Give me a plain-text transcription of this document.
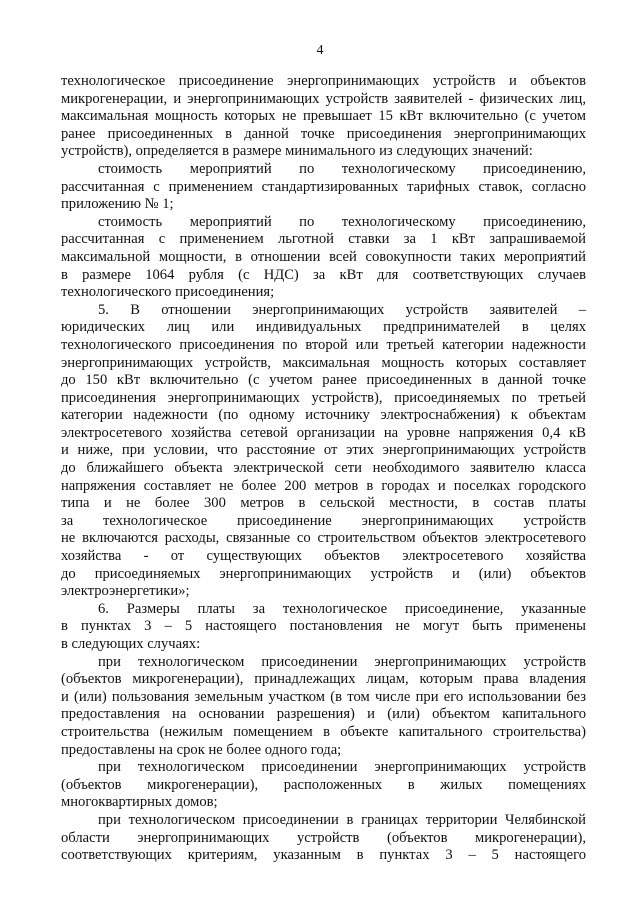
4

технологическое присоединение энергопринимающих устройств и объектов

микрогенерации, и энергопринимающих устройств заявителей - физических лиц,

максимальная мощность которых не превышает 15 кВт включительно (с учетом

ранее присоединенных в данной точке присоединения энергопринимающих

устройств), определяется в размере минимального из следующих значений:

стоимость мероприятий по технологическому присоединению,

рассчитанная с применением стандартизированных тарифных ставок, согласно

приложению № 1;

стоимость мероприятий по технологическому присоединению,

рассчитанная с применением льготной ставки за 1 кВт запрашиваемой

максимальной мощности, в отношении всей совокупности таких мероприятий

в размере 1064 рубля (с НДС) за кВт для соответствующих случаев

технологического присоединения;

5. В отношении энергопринимающих устройств заявителей –

юридических лиц или индивидуальных предпринимателей в целях

технологического присоединения по второй или третьей категории надежности

энергопринимающих устройств, максимальная мощность которых составляет

до 150 кВт включительно (с учетом ранее присоединенных в данной точке

присоединения энергопринимающих устройств), присоединяемых по третьей

категории надежности (по одному источнику электроснабжения) к объектам

электросетевого хозяйства сетевой организации на уровне напряжения 0,4 кВ

и ниже, при условии, что расстояние от этих энергопринимающих устройств

до ближайшего объекта электрической сети необходимого заявителю класса

напряжения составляет не более 200 метров в городах и поселках городского

типа и не более 300 метров в сельской местности, в состав платы

за технологическое присоединение энергопринимающих устройств

не включаются расходы, связанные со строительством объектов электросетевого

хозяйства - от существующих объектов электросетевого хозяйства

до присоединяемых энергопринимающих устройств и (или) объектов

электроэнергетики»;

6. Размеры платы за технологическое присоединение, указанные

в пунктах 3 – 5 настоящего постановления не могут быть применены

в следующих случаях:

при технологическом присоединении энергопринимающих устройств

(объектов микрогенерации), принадлежащих лицам, которым права владения

и (или) пользования земельным участком (в том числе при его использовании без

предоставления на основании разрешения) и (или) объектом капитального

строительства (нежилым помещением в объекте капитального строительства)

предоставлены на срок не более одного года;

при технологическом присоединении энергопринимающих устройств

(объектов микрогенерации), расположенных в жилых помещениях

многоквартирных домов;

при технологическом присоединении в границах территории Челябинской

области энергопринимающих устройств (объектов микрогенерации),

соответствующих критериям, указанным в пунктах 3 – 5 настоящего
